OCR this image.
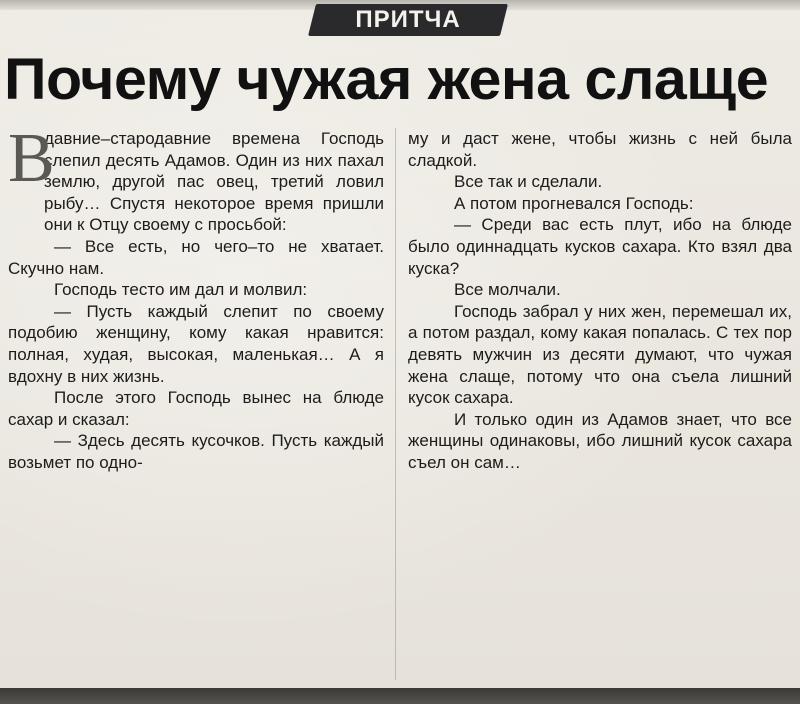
ПРИТЧА
Почему чужая жена слаще
В

давние–стародавние времена Господь слепил десять Адамов. Один из них пахал землю, другой пас овец, третий ловил рыбу… Спустя некоторое время пришли они к Отцу своему с просьбой:

— Все есть, но чего–то не хватает. Скучно нам.

Господь тесто им дал и молвил:

— Пусть каждый слепит по своему подобию женщину, кому какая нравится: полная, худая, высокая, маленькая… А я вдохну в них жизнь.

После этого Господь вынес на блюде сахар и сказал:

— Здесь десять кусочков. Пусть каждый возьмет по одно-

му и даст жене, чтобы жизнь с ней была сладкой.

Все так и сделали.

А потом прогневался Господь:

— Среди вас есть плут, ибо на блюде было одиннадцать кусков сахара. Кто взял два куска?

Все молчали.

Господь забрал у них жен, перемешал их, а потом раздал, кому какая попалась. С тех пор девять мужчин из десяти думают, что чужая жена слаще, потому что она съела лишний кусок сахара.

И только один из Адамов знает, что все женщины одинаковы, ибо лишний кусок сахара съел он сам…
